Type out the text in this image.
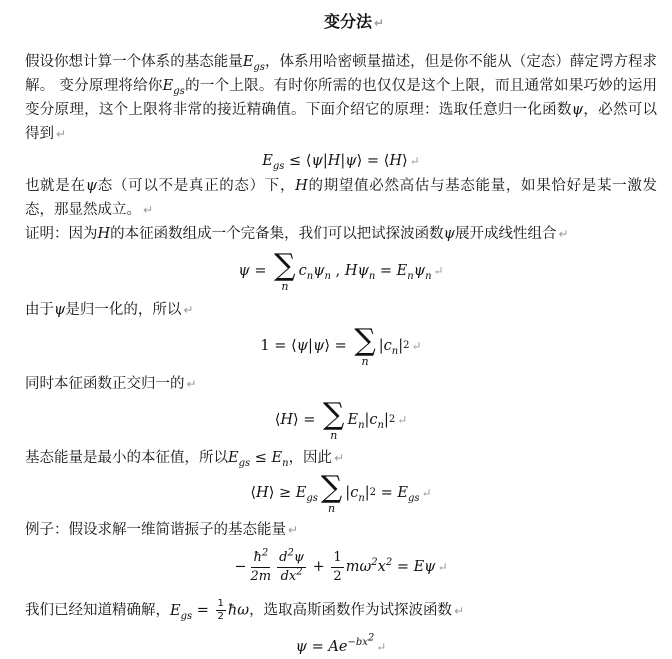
变分法 ↵

假设你想计算一个体系的基态能量$E_{gs}$，体系用哈密顿量描述，但是你不能从（定态）薛定谔方程求解。 变分原理将给你$E_{gs}$的一个上限。有时你所需的也仅仅是这个上限，而且通常如果巧妙的运用变分原理，这个上限将非常的接近精确值。下面介绍它的原理：选取任意归一化函数ψ，必然可以得到 ↵

$E_{gs}$ ≤ ⟨ψ|H|ψ⟩ = ⟨H⟩ ↵

也就是在ψ态（可以不是真正的态）下，H的期望值必然高估与基态能量，如果恰好是某一激发态，那显然成立。 ↵

证明：因为H的本征函数组成一个完备集，我们可以把试探波函数ψ展开成线性组合 ↵

ψ = ∑
n
$c_n\psi_n$ , $H\psi_n = E_n\psi_n$ ↵

由于ψ是归一化的，所以 ↵

1 = ⟨ ψ | ψ ⟩ = ∑
n
| $c_n$ | 2 ↵

同时本征函数正交归一的 ↵

⟨ H ⟩ = ∑
n
$E_n$ | $c_n$ | 2 ↵

基态能量是最小的本征值，所以$E_{gs} \le E_n$，因此 ↵

⟨ H ⟩ ≥ $E_{gs}$ ∑
n
| $c_n$ | $2 = E_{gs}$ ↵

例子：假设求解一维简谐振子的基态能量 ↵

− $\frac{ħ^2}{2m} \frac{d^2\psi}{dx^2} + \frac{1}{2} m\omega^2x^2 = E\psi$ ↵

我们已经知道精确解，$E_{gs} = \frac{1}{2}$ ħω，选取高斯函数作为试探波函数 ↵

$\psi = Ae^{-bx^2}↵$
